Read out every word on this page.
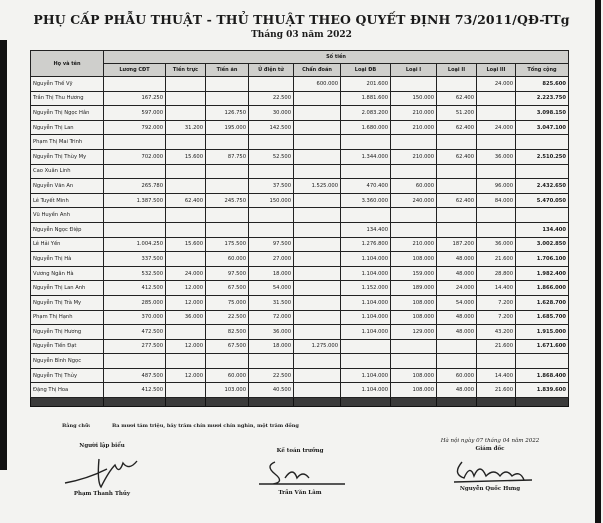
PHỤ CẤP PHẪU THUẬT - THỦ THUẬT THEO QUYẾT ĐỊNH 73/2011/QĐ-TTg
Tháng 03 năm 2022
Họ và tên	Số tiền									
	Lương CĐT	Tiền trực	Tiền ăn	Ủ điện tử	Chẩn đoán	Loại ĐB	Loại I	Loại II	Loại III	Tổng cộng
Nguyễn Thế Vỹ					600.000	201.600			24.000	825.600
Trần Thị Thu Hương	167.250			22.500		1.881.600	150.000	62.400		2.223.750
Nguyễn Thị Ngọc Hân	597.000		126.750	30.000		2.083.200	210.000	51.200		3.098.150
Nguyễn Thị Lan	792.000	31.200	195.000	142.500		1.680.000	210.000	62.400	24.000	3.047.100
Phạm Thị Mai Trinh										
Nguyễn Thị Thùy My	702.000	15.600	87.750	52.500		1.344.000	210.000	62.400	36.000	2.510.250
Cao Xuân Linh										
Nguyễn Văn An	265.780			37.500	1.525.000	470.400	60.000		96.000	2.432.650
Lê Tuyết Minh	1.387.500	62.400	245.750	150.000		3.360.000	240.000	62.400	84.000	5.470.050
Vũ Huyền Anh										
Nguyễn Ngọc Điệp						134.400				134.400
Lê Hải Yến	1.004.250	15.600	175.500	97.500		1.276.800	210.000	187.200	36.000	3.002.850
Nguyễn Thị Hà	337.500		60.000	27.000		1.104.000	108.000	48.000	21.600	1.706.100
Vương Ngân Hà	532.500	24.000	97.500	18.000		1.104.000	159.000	48.000	28.800	1.982.400
Nguyễn Thị Lan Anh	412.500	12.000	67.500	54.000		1.152.000	189.000	24.000	14.400	1.866.000
Nguyễn Thị Trà My	285.000	12.000	75.000	31.500		1.104.000	108.000	54.000	7.200	1.628.700
Phạm Thị Hạnh	370.000	36.000	22.500	72.000		1.104.000	108.000	48.000	7.200	1.685.700
Nguyễn Thị Hương	472.500		82.500	36.000		1.104.000	129.000	48.000	43.200	1.915.000
Nguyễn Tiến Đạt	277.500	12.000	67.500	18.000	1.275.000				21.600	1.671.600
Nguyễn Bình Ngọc										
Nguyễn Thị Thủy	487.500	12.000	60.000	22.500		1.104.000	108.000	60.000	14.400	1.868.400
Đặng Thị Hoa	412.500		103.000	40.500		1.104.000	108.000	48.000	21.600	1.839.600

Bằng chữ:	Ba mươi tám triệu, bảy trăm chín mươi chín nghìn, một trăm đồng
Người lập biểu
Phạm Thanh Thủy
Kế toán trưởng
Trần Văn Lâm
Hà nội ngày 07 tháng 04 năm 2022
Giám đốc
Nguyễn Quốc Hưng
